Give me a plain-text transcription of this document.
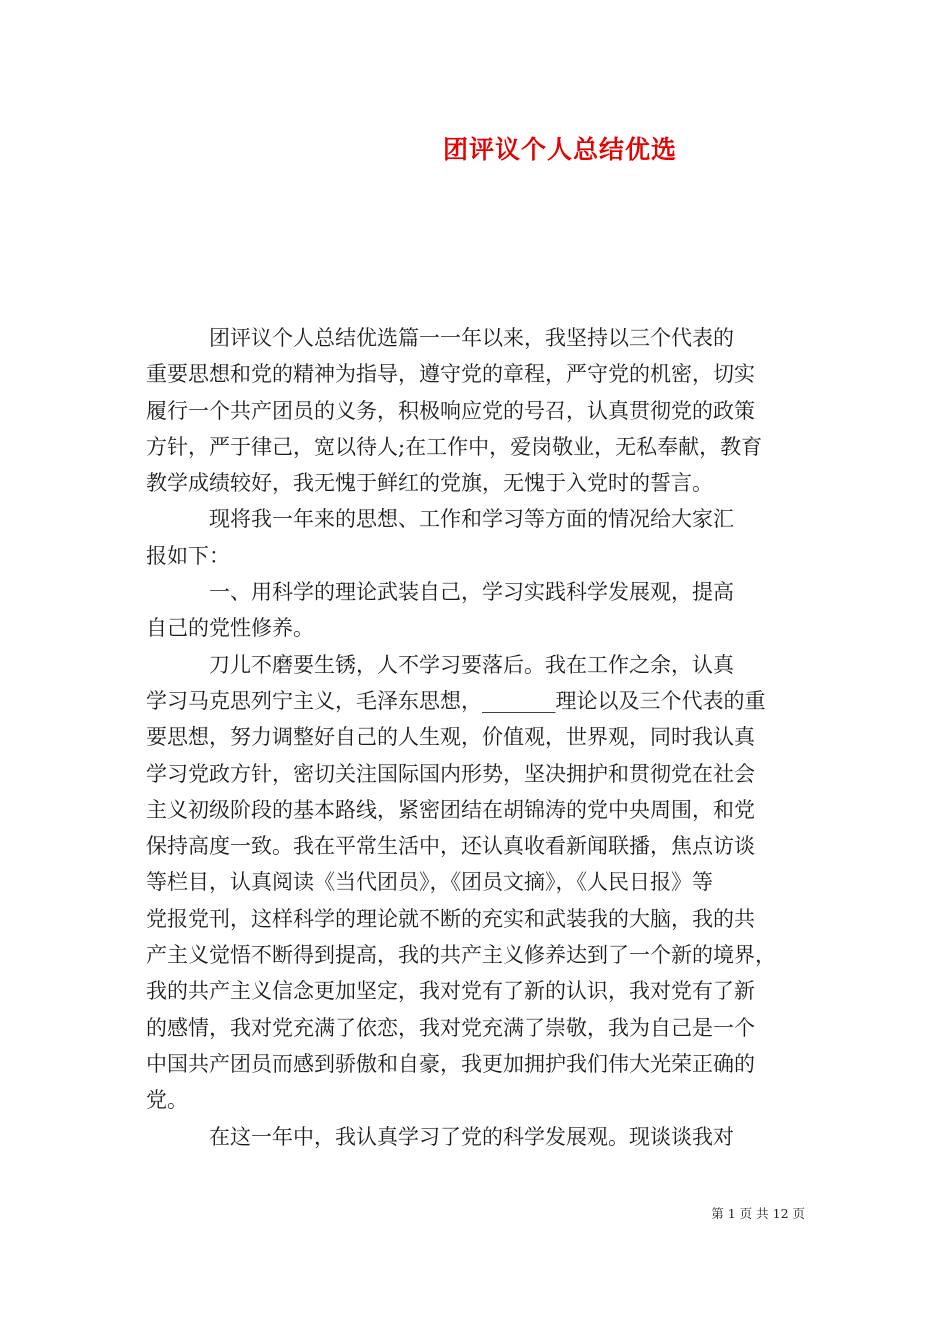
团评议个人总结优选
　　　团评议个人总结优选篇一一年以来，我坚持以三个代表的
重要思想和党的精神为指导，遵守党的章程，严守党的机密，切实
履行一个共产团员的义务，积极响应党的号召，认真贯彻党的政策
方针，严于律己，宽以待人;在工作中，爱岗敬业，无私奉献，教育
教学成绩较好，我无愧于鲜红的党旗，无愧于入党时的誓言。
　　　现将我一年来的思想、工作和学习等方面的情况给大家汇
报如下：
　　　一、用科学的理论武装自己，学习实践科学发展观，提高
自己的党性修养。
　　　刀儿不磨要生锈，人不学习要落后。我在工作之余，认真
学习马克思列宁主义，毛泽东思想，_______理论以及三个代表的重
要思想，努力调整好自己的人生观，价值观，世界观，同时我认真
学习党政方针，密切关注国际国内形势，坚决拥护和贯彻党在社会
主义初级阶段的基本路线，紧密团结在胡锦涛的党中央周围，和党
保持高度一致。我在平常生活中，还认真收看新闻联播，焦点访谈
等栏目，认真阅读《当代团员》，《团员文摘》，《人民日报》等
党报党刊，这样科学的理论就不断的充实和武装我的大脑，我的共
产主义觉悟不断得到提高，我的共产主义修养达到了一个新的境界，
我的共产主义信念更加坚定，我对党有了新的认识，我对党有了新
的感情，我对党充满了依恋，我对党充满了崇敬，我为自己是一个
中国共产团员而感到骄傲和自豪，我更加拥护我们伟大光荣正确的
党。
　　　在这一年中，我认真学习了党的科学发展观。现谈谈我对
第 1 页 共 12 页
